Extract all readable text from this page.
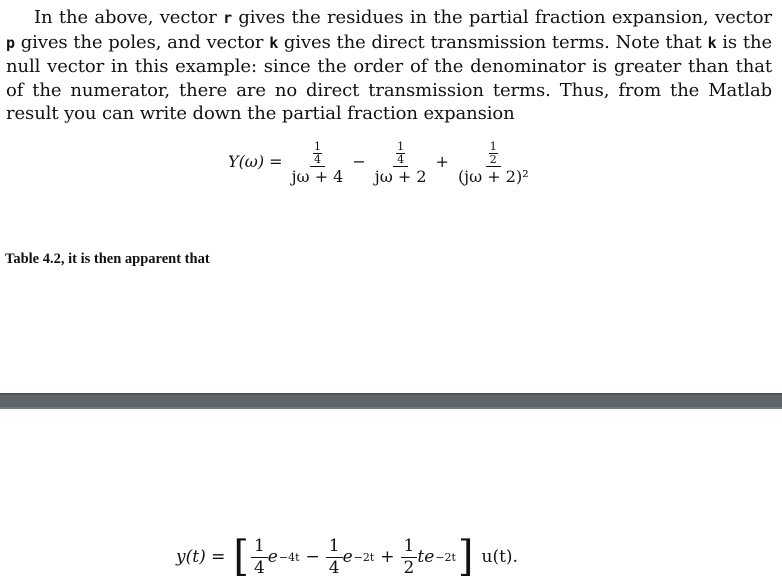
In the above, vector r gives the residues in the partial fraction expansion, vector p gives the poles, and vector k gives the direct transmission terms. Note that k is the null vector in this example: since the order of the denominator is greater than that of the numerator, there are no direct transmission terms. Thus, from the Matlab result you can write down the partial fraction expansion
$Y(\omega) = \frac{\frac{1}{4}}{j\omega + 4} - \frac{\frac{1}{4}}{j\omega + 2} + \frac{\frac{1}{2}}{\text{(jω + 2)²}}$
Table 4.2, it is then apparent that
y(t) = [ $\frac{1}{4}$ $e -4t - \frac{1}{4}$ $e -2t + \frac{1}{2}$ te −2t ] u(t).
